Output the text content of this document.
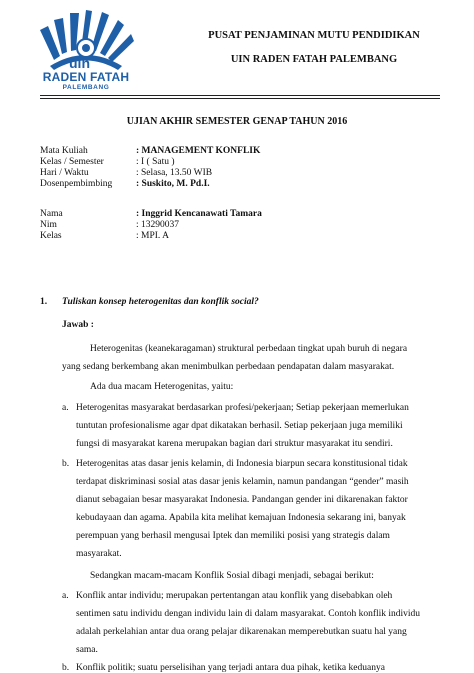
uin
RADEN FATAH
PALEMBANG
PUSAT PENJAMINAN MUTU PENDIDIKAN
UIN RADEN FATAH PALEMBANG
UJIAN AKHIR SEMESTER GENAP TAHUN 2016
Mata Kuliah	: MANAGEMENT KONFLIK
Kelas / Semester	: I ( Satu )
Hari / Waktu	: Selasa, 13.50 WIB
Dosenpembimbing : Suskito, M. Pd.I.
Nama	: Inggrid Kencanawati Tamara
Nim	: 13290037
Kelas	: MPI. A
1. Tuliskan konsep heterogenitas dan konflik social?
Jawab :
Heterogenitas (keanekaragaman) struktural perbedaan tingkat upah buruh di negara
yang sedang berkembang akan menimbulkan perbedaan pendapatan dalam masyarakat.
Ada dua macam Heterogenitas, yaitu:
a. Heterogenitas masyarakat berdasarkan profesi/pekerjaan; Setiap pekerjaan memerlukan
tuntutan profesionalisme agar dpat dikatakan berhasil. Setiap pekerjaan juga memiliki
fungsi di masyarakat karena merupakan bagian dari struktur masyarakat itu sendiri.
b. Heterogenitas atas dasar jenis kelamin, di Indonesia biarpun secara konstitusional tidak
terdapat diskriminasi sosial atas dasar jenis kelamin, namun pandangan “gender” masih
dianut sebagaian besar masyarakat Indonesia. Pandangan gender ini dikarenakan faktor
kebudayaan dan agama. Apabila kita melihat kemajuan Indonesia sekarang ini, banyak
perempuan yang berhasil mengusai Iptek dan memiliki posisi yang strategis dalam
masyarakat.
Sedangkan macam-macam Konflik Sosial dibagi menjadi, sebagai berikut:
a. Konflik antar individu; merupakan pertentangan atau konflik yang disebabkan oleh
sentimen satu individu dengan individu lain di dalam masyarakat. Contoh konflik individu
adalah perkelahian antar dua orang pelajar dikarenakan memperebutkan suatu hal yang
sama.
b. Konflik politik; suatu perselisihan yang terjadi antara dua pihak, ketika keduanya
